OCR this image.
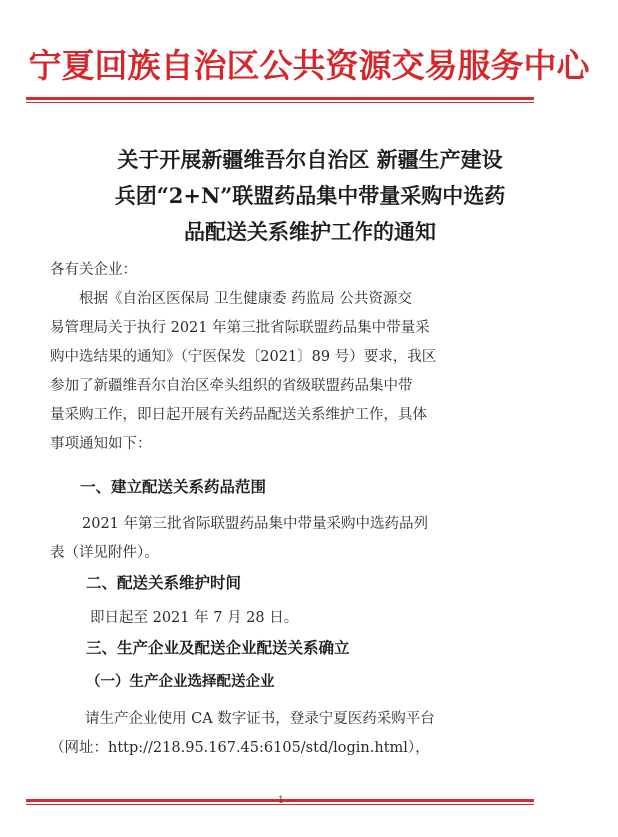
宁夏回族自治区公共资源交易服务中心
关于开展新疆维吾尔自治区 新疆生产建设
兵团“2+N”联盟药品集中带量采购中选药
品配送关系维护工作的通知
各有关企业：
根据《自治区医保局 卫生健康委 药监局 公共资源交
易管理局关于执行 2021 年第三批省际联盟药品集中带量采
购中选结果的通知》（宁医保发〔2021〕89 号）要求，我区
参加了新疆维吾尔自治区牵头组织的省级联盟药品集中带
量采购工作，即日起开展有关药品配送关系维护工作，具体
事项通知如下：
一、建立配送关系药品范围
2021 年第三批省际联盟药品集中带量采购中选药品列
表（详见附件）。
二、配送关系维护时间
即日起至 2021 年 7 月 28 日。
三、生产企业及配送企业配送关系确立
（一）生产企业选择配送企业
请生产企业使用 CA 数字证书，登录宁夏医药采购平台
（网址：http://218.95.167.45:6105/std/login.html），
- 1 -
